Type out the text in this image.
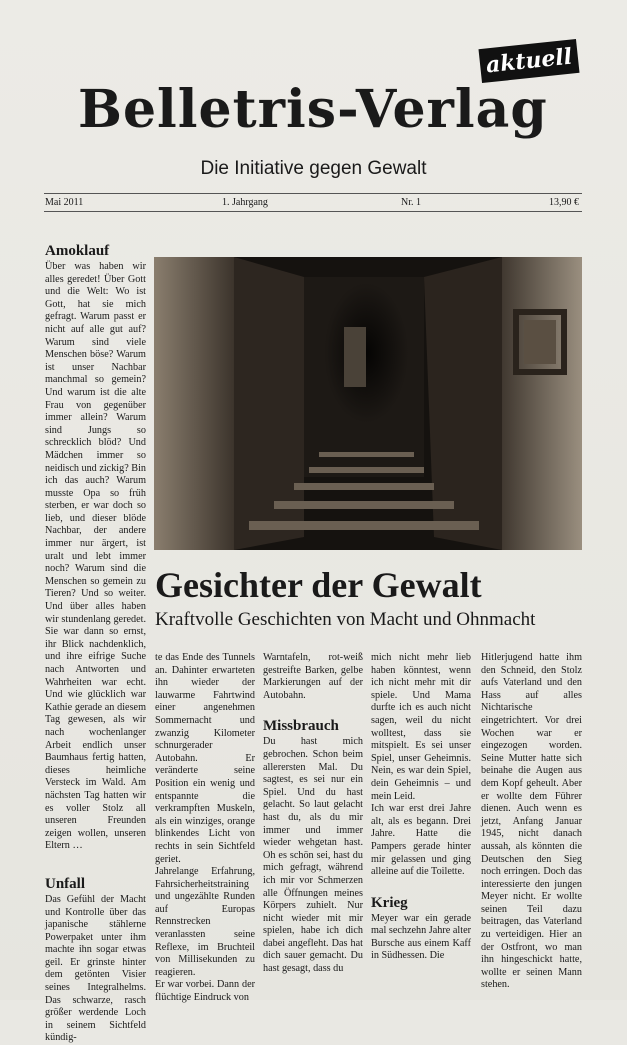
aktuell
Belletris-Verlag
Die Initiative gegen Gewalt
Mai 2011	1. Jahrgang	Nr. 1	13,90 €
Amoklauf

Über was haben wir alles geredet! Über Gott und die Welt: Wo ist Gott, hat sie mich gefragt. Warum passt er nicht auf alle gut auf? Warum sind viele Menschen böse? Warum ist unser Nachbar manchmal so gemein? Und warum ist die alte Frau von gegenüber immer allein? Warum sind Jungs so schrecklich blöd? Und Mädchen immer so neidisch und zickig? Bin ich das auch? Warum musste Opa so früh sterben, er war doch so lieb, und dieser blöde Nachbar, der andere immer nur ärgert, ist uralt und lebt immer noch? Warum sind die Menschen so gemein zu Tieren? Und so weiter. Und über alles haben wir stundenlang geredet. Sie war dann so ernst, ihr Blick nachdenklich, und ihre eifrige Suche nach Antworten und Wahrheiten war echt. Und wie glücklich war Kathie gerade an diesem Tag gewesen, als wir nach wochenlanger Arbeit endlich unser Baumhaus fertig hatten, dieses heimliche Versteck im Wald. Am nächsten Tag hatten wir es voller Stolz all unseren Freunden zeigen wollen, unseren Eltern …

Unfall

Das Gefühl der Macht und Kontrolle über das japanische stählerne Powerpaket unter ihm machte ihn sogar etwas geil. Er grinste hinter dem getönten Visier seines Integralhelms. Das schwarze, rasch größer werdende Loch in seinem Sichtfeld kündig-

Gesichter der Gewalt
Kraftvolle Geschichten von Macht und Ohnmacht

te das Ende des Tunnels an. Dahinter erwarteten ihn wieder der lauwarme Fahrtwind einer angenehmen Sommernacht und zwanzig Kilometer schnurgerader Autobahn. Er veränderte seine Position ein wenig und entspannte die verkrampften Muskeln, als ein winziges, orange blinkendes Licht von rechts in sein Sichtfeld geriet.

Jahrelange Erfahrung, Fahrsicherheitstraining und ungezählte Runden auf Europas Rennstrecken veranlassten seine Reflexe, im Bruchteil von Millisekunden zu reagieren.

Er war vorbei. Dann der flüchtige Eindruck von

Warntafeln, rot-weiß gestreifte Barken, gelbe Markierungen auf der Autobahn.

Missbrauch

Du hast mich gebrochen. Schon beim allerersten Mal. Du sagtest, es sei nur ein Spiel. Und du hast gelacht. So laut gelacht hast du, als du mir immer und immer wieder wehgetan hast. Oh es schön sei, hast du mich gefragt, während ich mir vor Schmerzen alle Öffnungen meines Körpers zuhielt. Nur nicht wieder mit mir spielen, habe ich dich dabei angefleht. Das hat dich sauer gemacht. Du hast gesagt, dass du

mich nicht mehr lieb haben könntest, wenn ich nicht mehr mit dir spiele. Und Mama durfte ich es auch nicht sagen, weil du nicht wolltest, dass sie mitspielt. Es sei unser Spiel, unser Geheimnis. Nein, es war dein Spiel, dein Geheimnis – und mein Leid.

Ich war erst drei Jahre alt, als es begann. Drei Jahre. Hatte die Pampers gerade hinter mir gelassen und ging alleine auf die Toilette.

Krieg

Meyer war ein gerade mal sechzehn Jahre alter Bursche aus einem Kaff in Südhessen. Die

Hitlerjugend hatte ihm den Schneid, den Stolz aufs Vaterland und den Hass auf alles Nichtarische eingetrichtert. Vor drei Wochen war er eingezogen worden. Seine Mutter hatte sich beinahe die Augen aus dem Kopf geheult. Aber er wollte dem Führer dienen. Auch wenn es jetzt, Anfang Januar 1945, nicht danach aussah, als könnten die Deutschen den Sieg noch erringen. Doch das interessierte den jungen Meyer nicht. Er wollte seinen Teil dazu beitragen, das Vaterland zu verteidigen. Hier an der Ostfront, wo man ihn hingeschickt hatte, wollte er seinen Mann stehen.
